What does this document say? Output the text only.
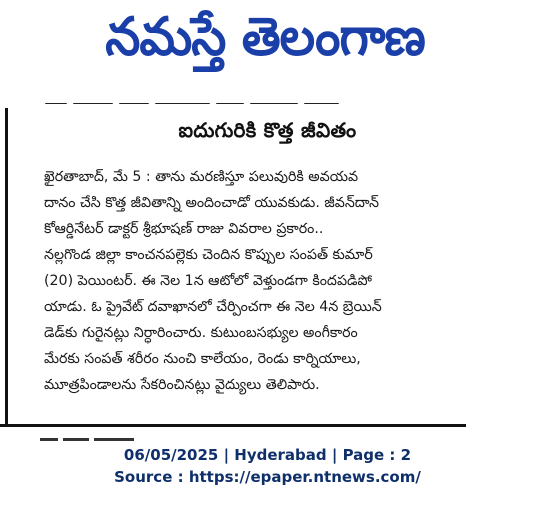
నమస్తే తెలంగాణ
ఐదుగురికి కొత్త జీవితం
ఖైరతాబాద్, మే 5 : తాను మరణిస్తూ పలువురికి అవయవ
దానం చేసి కొత్త జీవితాన్ని అందించాడో యువకుడు. జీవన్‌దాన్
కోఆర్డినేటర్ డాక్టర్ శ్రీభూషణ్ రాజు వివరాల ప్రకారం..
నల్లగొండ జిల్లా కాంచనపల్లెకు చెందిన కొప్పుల సంపత్ కుమార్
(20) పెయింటర్. ఈ నెల 1న ఆటోలో వెళ్తుండగా కిందపడిపో
యాడు. ఓ ప్రైవేట్ దవాఖానలో చేర్పించగా ఈ నెల 4న బ్రెయిన్
డెడ్‌కు గురైనట్లు నిర్ధారించారు. కుటుంబసభ్యుల అంగీకారం
మేరకు సంపత్ శరీరం నుంచి కాలేయం, రెండు కార్నియాలు,
మూత్రపిండాలను సేకరించినట్లు వైద్యులు తెలిపారు.
06/05/2025 | Hyderabad | Page : 2
Source : https://epaper.ntnews.com/
